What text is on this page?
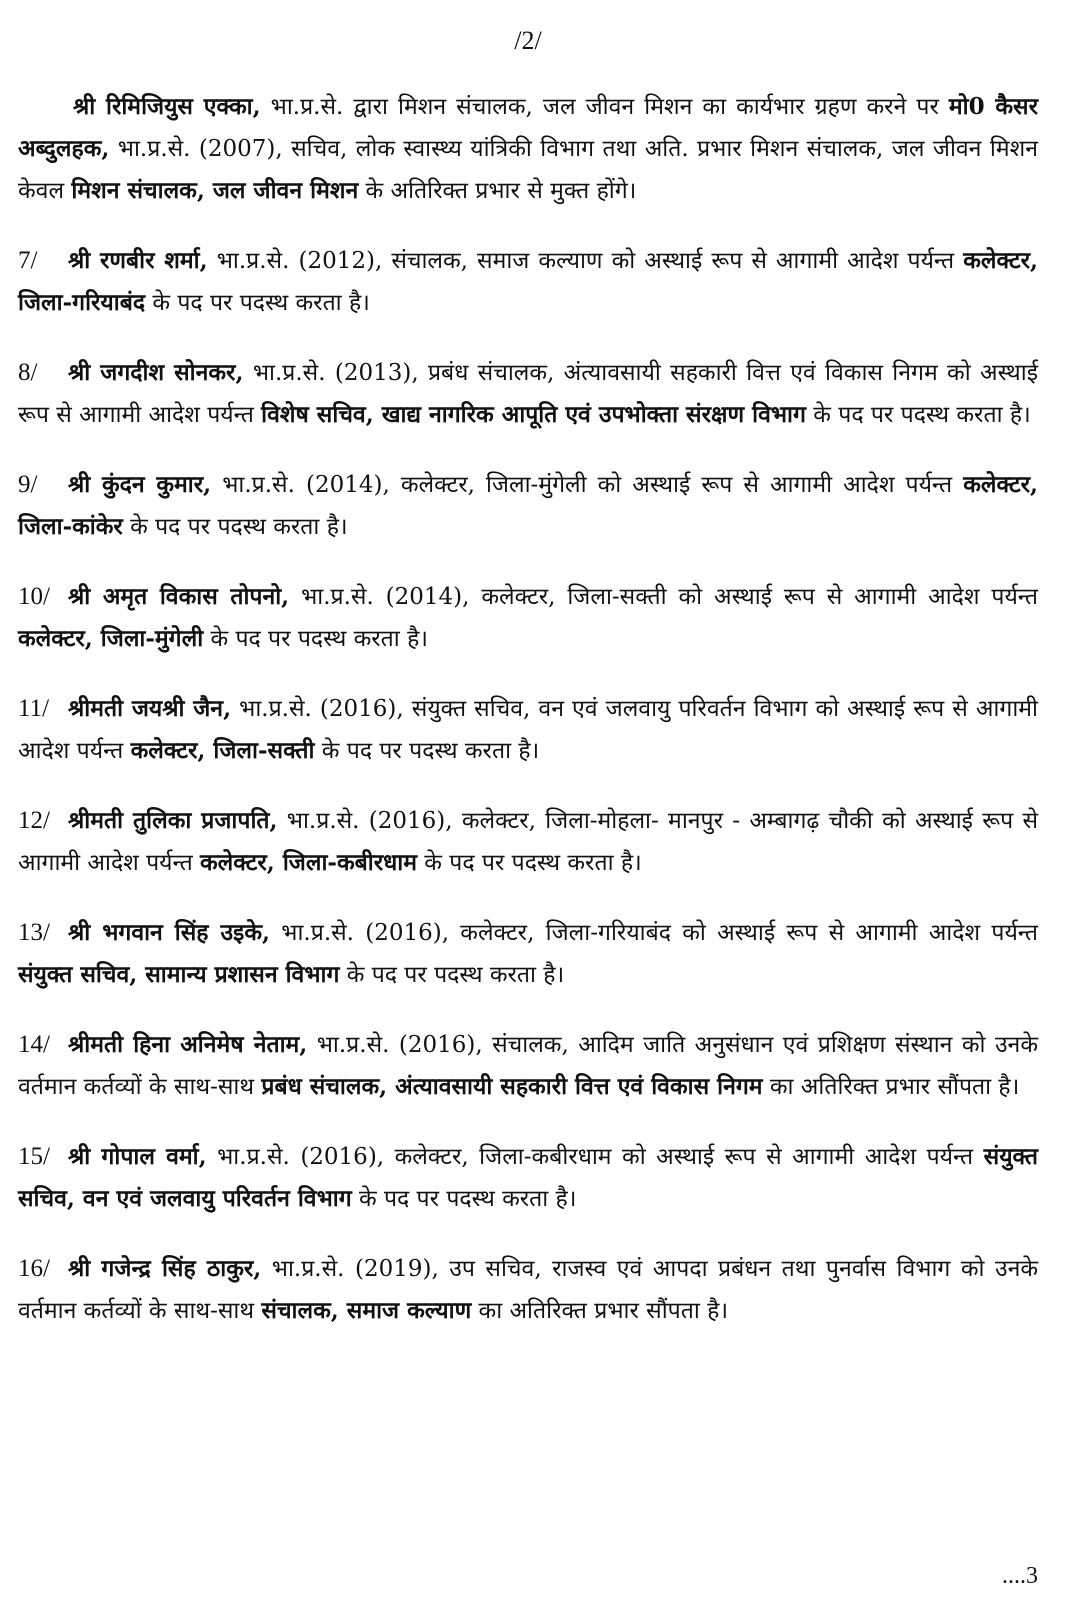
/2/

श्री रिमिजियुस एक्का, भा.प्र.से. द्वारा मिशन संचालक, जल जीवन मिशन का कार्यभार ग्रहण करने पर मो0 कैसर अब्दुलहक, भा.प्र.से. (2007), सचिव, लोक स्वास्थ्य यांत्रिकी विभाग तथा अति. प्रभार मिशन संचालक, जल जीवन मिशन केवल मिशन संचालक, जल जीवन मिशन के अतिरिक्त प्रभार से मुक्त होंगे।

7/ श्री रणबीर शर्मा, भा.प्र.से. (2012), संचालक, समाज कल्याण को अस्थाई रूप से आगामी आदेश पर्यन्त कलेक्टर, जिला-गरियाबंद के पद पर पदस्थ करता है।

8/ श्री जगदीश सोनकर, भा.प्र.से. (2013), प्रबंध संचालक, अंत्यावसायी सहकारी वित्त एवं विकास निगम को अस्थाई रूप से आगामी आदेश पर्यन्त विशेष सचिव, खाद्य नागरिक आपूति एवं उपभोक्ता संरक्षण विभाग के पद पर पदस्थ करता है।

9/ श्री कुंदन कुमार, भा.प्र.से. (2014), कलेक्टर, जिला-मुंगेली को अस्थाई रूप से आगामी आदेश पर्यन्त कलेक्टर, जिला-कांकेर के पद पर पदस्थ करता है।

10/ श्री अमृत विकास तोपनो, भा.प्र.से. (2014), कलेक्टर, जिला-सक्ती को अस्थाई रूप से आगामी आदेश पर्यन्त कलेक्टर, जिला-मुंगेली के पद पर पदस्थ करता है।

11/ श्रीमती जयश्री जैन, भा.प्र.से. (2016), संयुक्त सचिव, वन एवं जलवायु परिवर्तन विभाग को अस्थाई रूप से आगामी आदेश पर्यन्त कलेक्टर, जिला-सक्ती के पद पर पदस्थ करता है।

12/ श्रीमती तुलिका प्रजापति, भा.प्र.से. (2016), कलेक्टर, जिला-मोहला- मानपुर - अम्बागढ़ चौकी को अस्थाई रूप से आगामी आदेश पर्यन्त कलेक्टर, जिला-कबीरधाम के पद पर पदस्थ करता है।

13/ श्री भगवान सिंह उइके, भा.प्र.से. (2016), कलेक्टर, जिला-गरियाबंद को अस्थाई रूप से आगामी आदेश पर्यन्त संयुक्त सचिव, सामान्य प्रशासन विभाग के पद पर पदस्थ करता है।

14/ श्रीमती हिना अनिमेष नेताम, भा.प्र.से. (2016), संचालक, आदिम जाति अनुसंधान एवं प्रशिक्षण संस्थान को उनके वर्तमान कर्तव्यों के साथ-साथ प्रबंध संचालक, अंत्यावसायी सहकारी वित्त एवं विकास निगम का अतिरिक्त प्रभार सौंपता है।

15/ श्री गोपाल वर्मा, भा.प्र.से. (2016), कलेक्टर, जिला-कबीरधाम को अस्थाई रूप से आगामी आदेश पर्यन्त संयुक्त सचिव, वन एवं जलवायु परिवर्तन विभाग के पद पर पदस्थ करता है।

16/ श्री गजेन्द्र सिंह ठाकुर, भा.प्र.से. (2019), उप सचिव, राजस्व एवं आपदा प्रबंधन तथा पुनर्वास विभाग को उनके वर्तमान कर्तव्यों के साथ-साथ संचालक, समाज कल्याण का अतिरिक्त प्रभार सौंपता है।

....3
